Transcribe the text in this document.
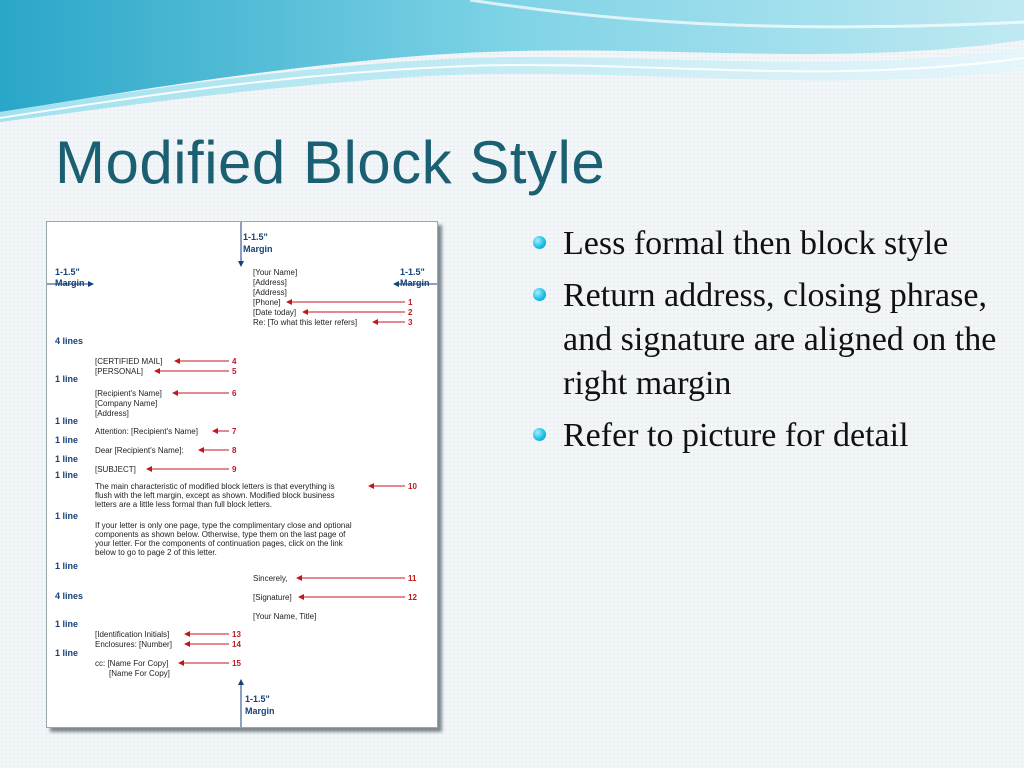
Modified Block Style
1-1.5"
Margin
1-1.5"
Margin
1-1.5"
Margin
1-1.5"
Margin
4 lines
1 line
1 line
1 line
1 line
1 line
1 line
1 line
4 lines
1 line
1 line
[Your Name]
[Address]
[Address]
[Phone]
[Date today]
Re: [To what this letter refers]
[CERTIFIED MAIL]
[PERSONAL]
[Recipient's Name]
[Company Name]
[Address]
Attention: [Recipient's Name]
Dear [Recipient's Name]:
[SUBJECT]
The main characteristic of modified block letters is that everything is
flush with the left margin, except as shown. Modified block business
letters are a little less formal than full block letters.
If your letter is only one page, type the complimentary close and optional
components as shown below. Otherwise, type them on the last page of
your letter. For the components of continuation pages, click on the link
below to go to page 2 of this letter.
Sincerely,
[Signature]
[Your Name, Title]
[Identification Initials]
Enclosures: [Number]
cc: [Name For Copy]
[Name For Copy]
1
2
3
4
5
6
7
8
9
10
11
12
13
14
15
Less formal then block style
Return address, closing phrase, and signature are aligned on the right margin
Refer to picture for detail
